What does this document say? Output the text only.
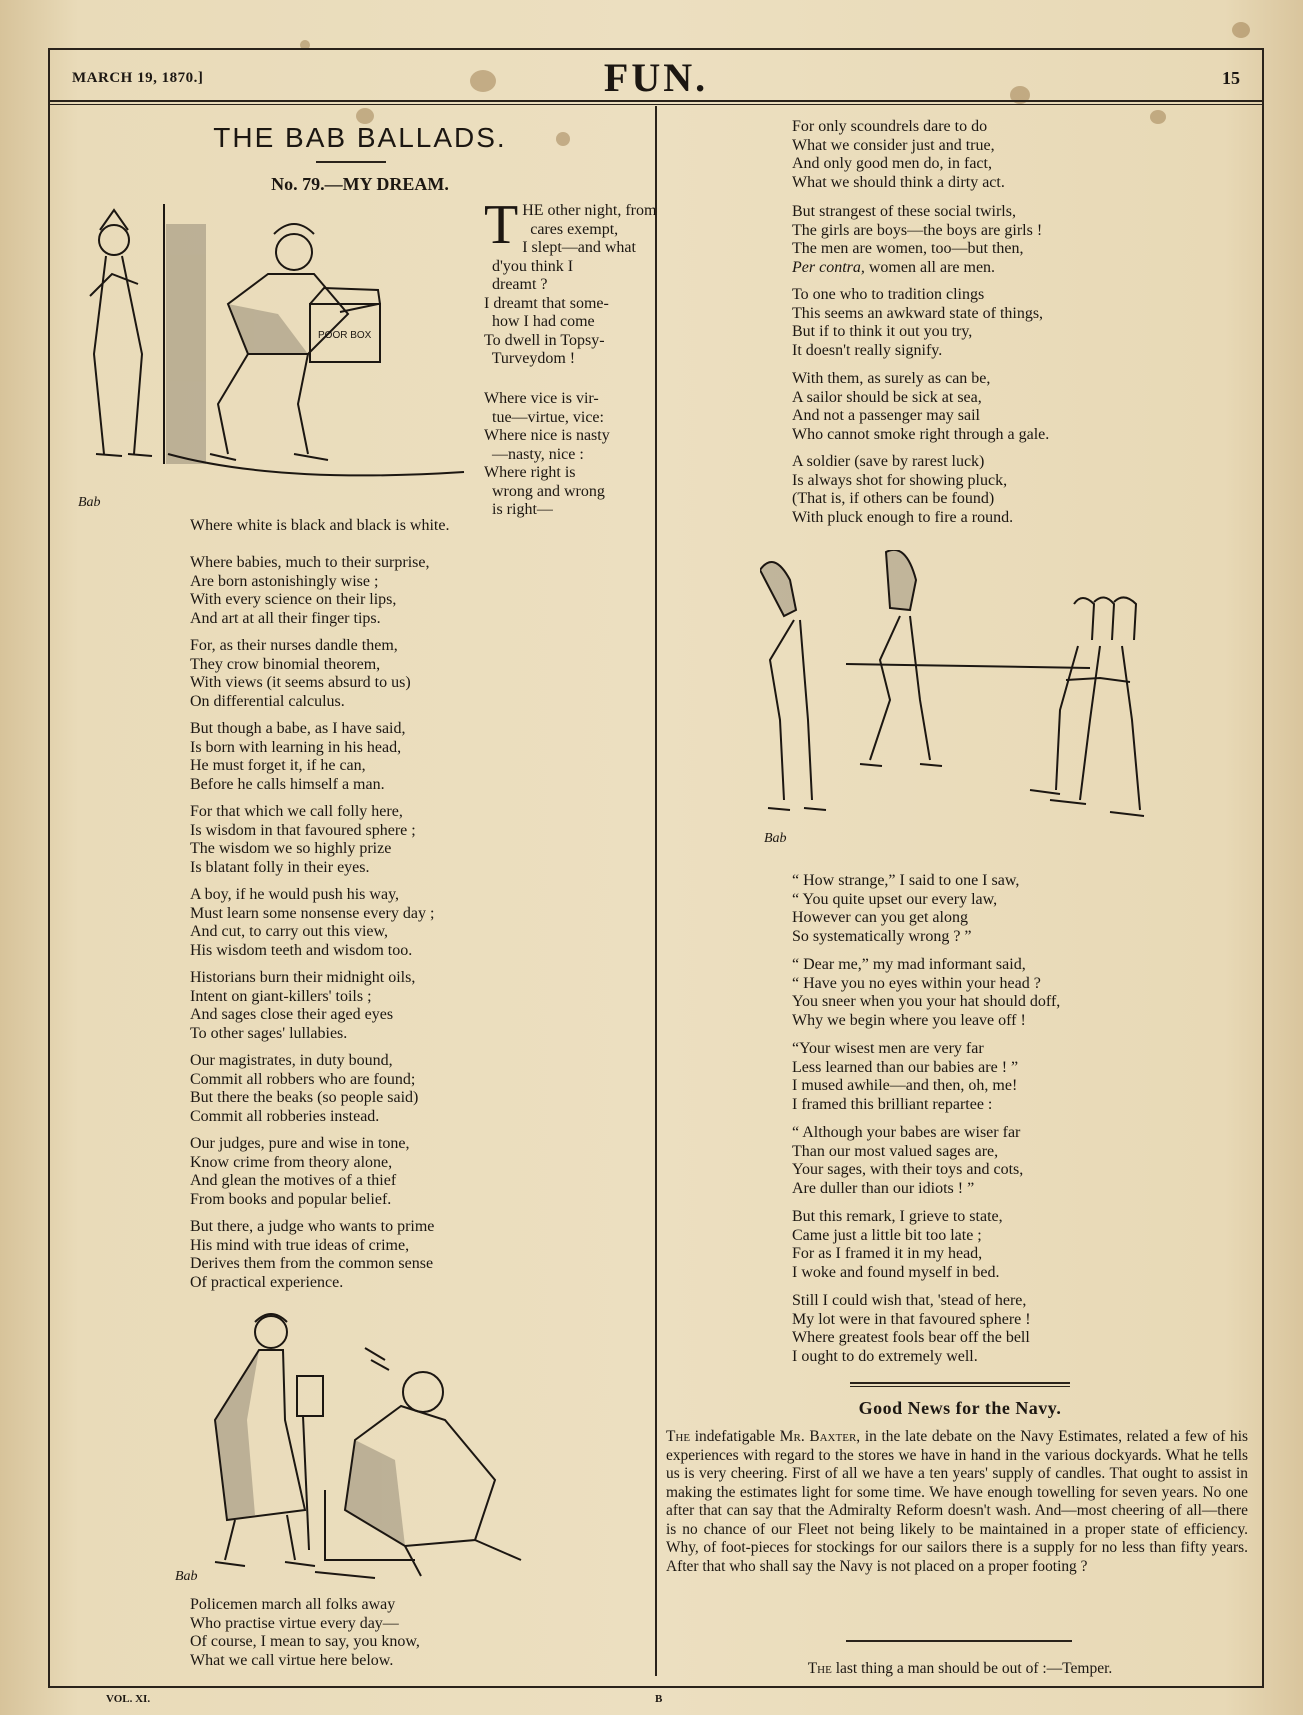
MARCH 19, 1870.]	FUN.	15
THE BAB BALLADS.
No. 79.—MY DREAM.
POOR BOX
Bab
THE other night, from
cares exempt,
I slept—and what
d'you think I
dreamt ?
I dreamt that some-
how I had come
To dwell in Topsy-
Turveydom !
Where vice is vir-
tue—virtue, vice:
Where nice is nasty
—nasty, nice :
Where right is
wrong and wrong
is right—
Where white is black and black is white.
Where babies, much to their surprise,
Are born astonishingly wise ;
With every science on their lips,
And art at all their finger tips.
For, as their nurses dandle them,
They crow binomial theorem,
With views (it seems absurd to us)
On differential calculus.
But though a babe, as I have said,
Is born with learning in his head,
He must forget it, if he can,
Before he calls himself a man.
For that which we call folly here,
Is wisdom in that favoured sphere ;
The wisdom we so highly prize
Is blatant folly in their eyes.
A boy, if he would push his way,
Must learn some nonsense every day ;
And cut, to carry out this view,
His wisdom teeth and wisdom too.
Historians burn their midnight oils,
Intent on giant-killers' toils ;
And sages close their aged eyes
To other sages' lullabies.
Our magistrates, in duty bound,
Commit all robbers who are found;
But there the beaks (so people said)
Commit all robberies instead.
Our judges, pure and wise in tone,
Know crime from theory alone,
And glean the motives of a thief
From books and popular belief.
But there, a judge who wants to prime
His mind with true ideas of crime,
Derives them from the common sense
Of practical experience.
Bab
Policemen march all folks away
Who practise virtue every day—
Of course, I mean to say, you know,
What we call virtue here below.
For only scoundrels dare to do
What we consider just and true,
And only good men do, in fact,
What we should think a dirty act.
But strangest of these social twirls,
The girls are boys—the boys are girls !
The men are women, too—but then,
Per contra, women all are men.
To one who to tradition clings
This seems an awkward state of things,
But if to think it out you try,
It doesn't really signify.
With them, as surely as can be,
A sailor should be sick at sea,
And not a passenger may sail
Who cannot smoke right through a gale.
A soldier (save by rarest luck)
Is always shot for showing pluck,
(That is, if others can be found)
With pluck enough to fire a round.
Bab
“ How strange,” I said to one I saw,
“ You quite upset our every law,
However can you get along
So systematically wrong ? ”
“ Dear me,” my mad informant said,
“ Have you no eyes within your head ?
You sneer when you your hat should doff,
Why we begin where you leave off !
“Your wisest men are very far
Less learned than our babies are ! ”
I mused awhile—and then, oh, me!
I framed this brilliant repartee :
“ Although your babes are wiser far
Than our most valued sages are,
Your sages, with their toys and cots,
Are duller than our idiots ! ”
But this remark, I grieve to state,
Came just a little bit too late ;
For as I framed it in my head,
I woke and found myself in bed.
Still I could wish that, 'stead of here,
My lot were in that favoured sphere !
Where greatest fools bear off the bell
I ought to do extremely well.
Good News for the Navy.
The indefatigable Mr. Baxter, in the late debate on the Navy Estimates, related a few of his experiences with regard to the stores we have in hand in the various dockyards. What he tells us is very cheering. First of all we have a ten years' supply of candles. That ought to assist in making the estimates light for some time. We have enough towelling for seven years. No one after that can say that the Admiralty Reform doesn't wash. And—most cheering of all—there is no chance of our Fleet not being likely to be maintained in a proper state of efficiency. Why, of foot-pieces for stockings for our sailors there is a supply for no less than fifty years. After that who shall say the Navy is not placed on a proper footing ?
The last thing a man should be out of :—Temper.
VOL. XI.	B
